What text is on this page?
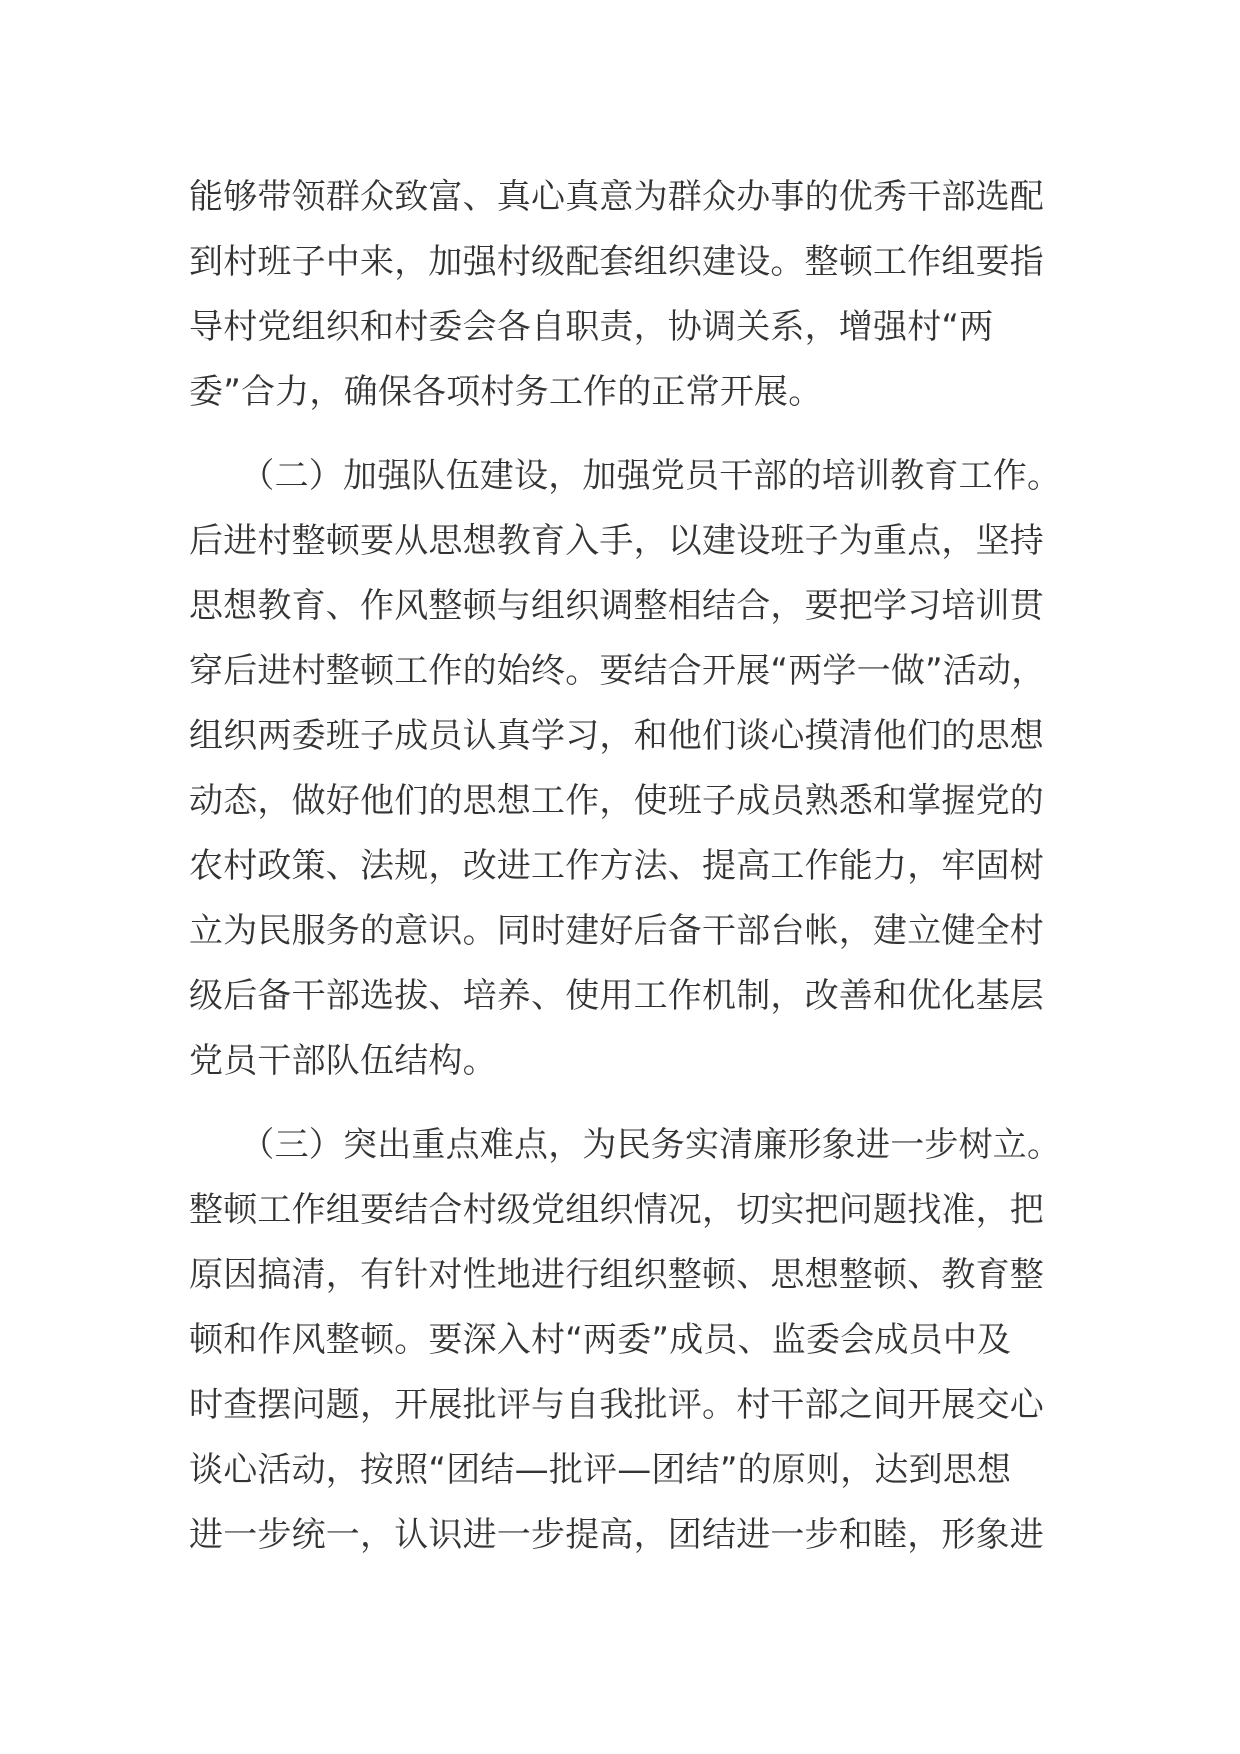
能够带领群众致富、真心真意为群众办事的优秀干部选配
到村班子中来，加强村级配套组织建设。整顿工作组要指
导村党组织和村委会各自职责，协调关系，增强村“两
委”合力，确保各项村务工作的正常开展。
　　（二）加强队伍建设，加强党员干部的培训教育工作。
后进村整顿要从思想教育入手，以建设班子为重点，坚持
思想教育、作风整顿与组织调整相结合，要把学习培训贯
穿后进村整顿工作的始终。要结合开展“两学一做”活动，
组织两委班子成员认真学习，和他们谈心摸清他们的思想
动态，做好他们的思想工作，使班子成员熟悉和掌握党的
农村政策、法规，改进工作方法、提高工作能力，牢固树
立为民服务的意识。同时建好后备干部台帐，建立健全村
级后备干部选拔、培养、使用工作机制，改善和优化基层
党员干部队伍结构。
　　（三）突出重点难点，为民务实清廉形象进一步树立。
整顿工作组要结合村级党组织情况，切实把问题找准，把
原因搞清，有针对性地进行组织整顿、思想整顿、教育整
顿和作风整顿。要深入村“两委”成员、监委会成员中及
时查摆问题，开展批评与自我批评。村干部之间开展交心
谈心活动，按照“团结—批评—团结”的原则，达到思想
进一步统一，认识进一步提高，团结进一步和睦，形象进
